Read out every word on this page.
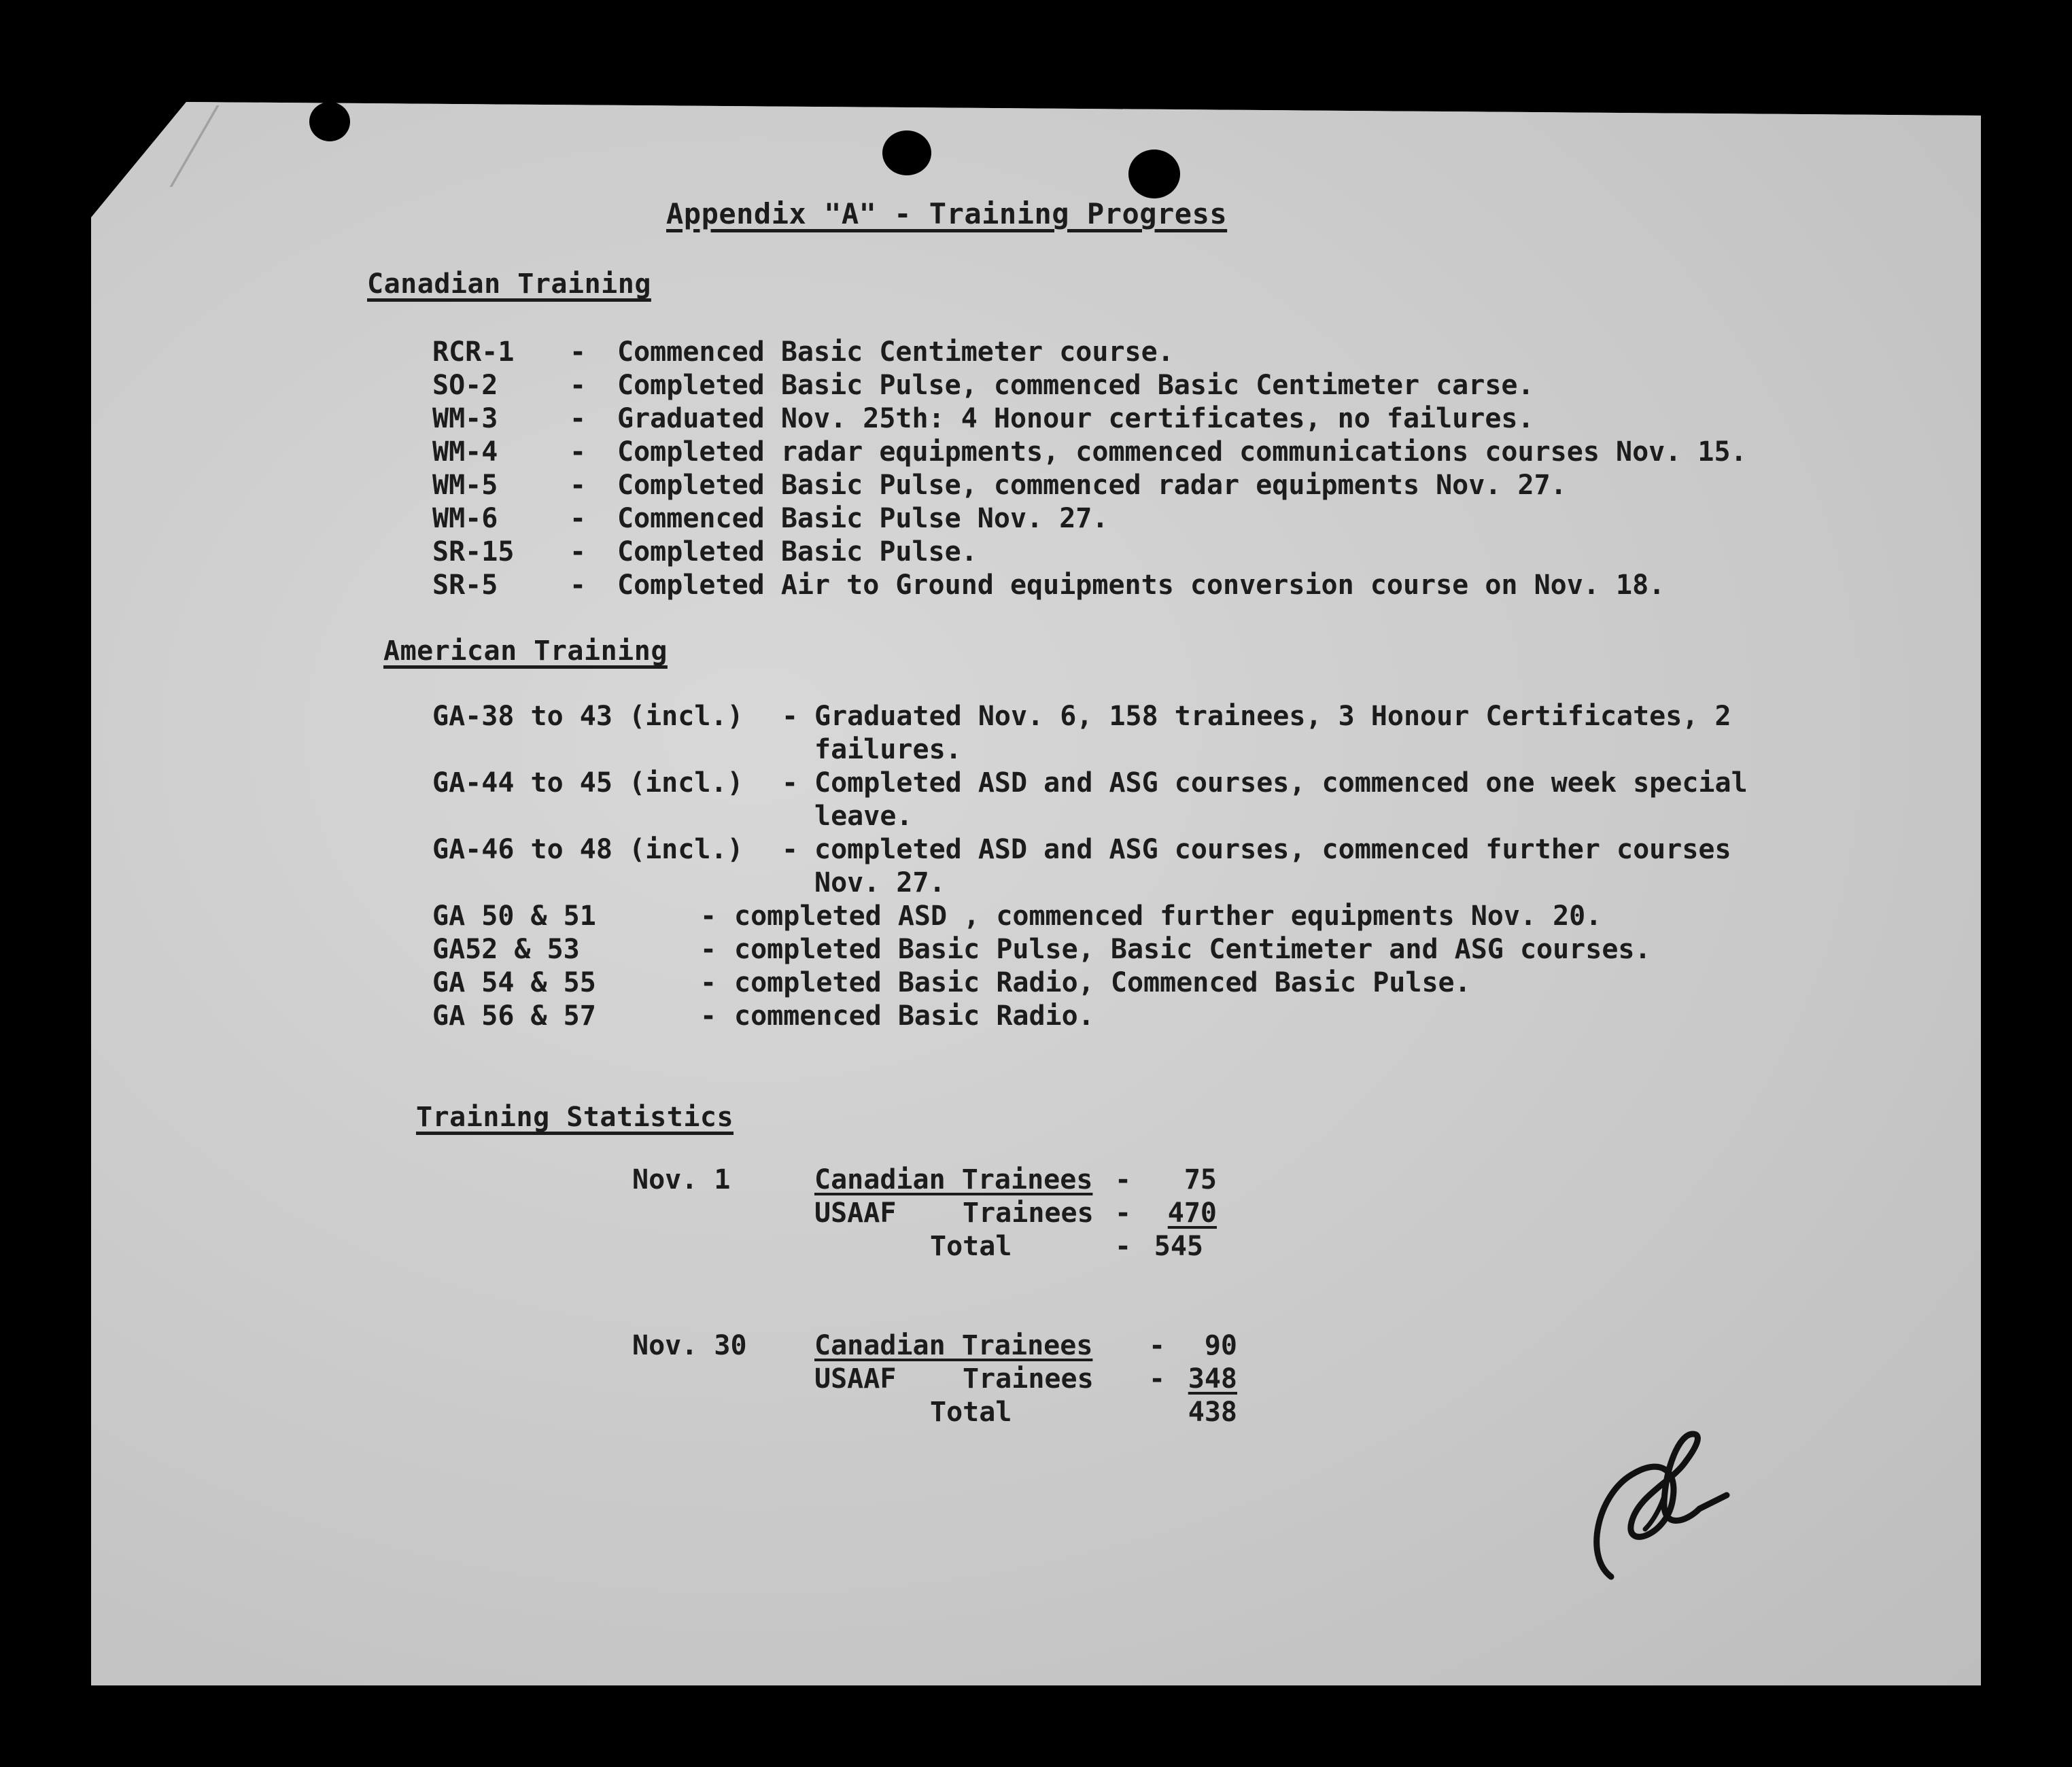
Appendix "A" - Training Progress
Canadian Training
RCR-1 - Commenced Basic Centimeter course.
SO-2	- Completed Basic Pulse, commenced Basic Centimeter carse.
WM-3	- Graduated Nov. 25th: 4 Honour certificates, no failures.
WM-4	- Completed radar equipments, commenced communications courses Nov. 15.
WM-5	- Completed Basic Pulse, commenced radar equipments Nov. 27.
WM-6	- Commenced Basic Pulse Nov. 27.
SR-15 - Completed Basic Pulse.
SR-5	- Completed Air to Ground equipments conversion course on Nov. 18.
American Training
GA-38 to 43 (incl.) - Graduated Nov. 6, 158 trainees, 3 Honour Certificates, 2
failures.
GA-44 to 45 (incl.) - Completed ASD and ASG courses, commenced one week special
leave.
GA-46 to 48 (incl.) - completed ASD and ASG courses, commenced further courses
Nov. 27.
GA 50 & 51	- completed ASD , commenced further equipments Nov. 20.
GA52 & 53	- completed Basic Pulse, Basic Centimeter and ASG courses.
GA 54 & 55	- completed Basic Radio, Commenced Basic Pulse.
GA 56 & 57	- commenced Basic Radio.
Training Statistics
Nov. 1	Canadian Trainees -	75
USAAF Trainees -	470
Total	- 545
Nov. 30 Canadian Trainees -	90
USAAF Trainees - 348
Total	438
